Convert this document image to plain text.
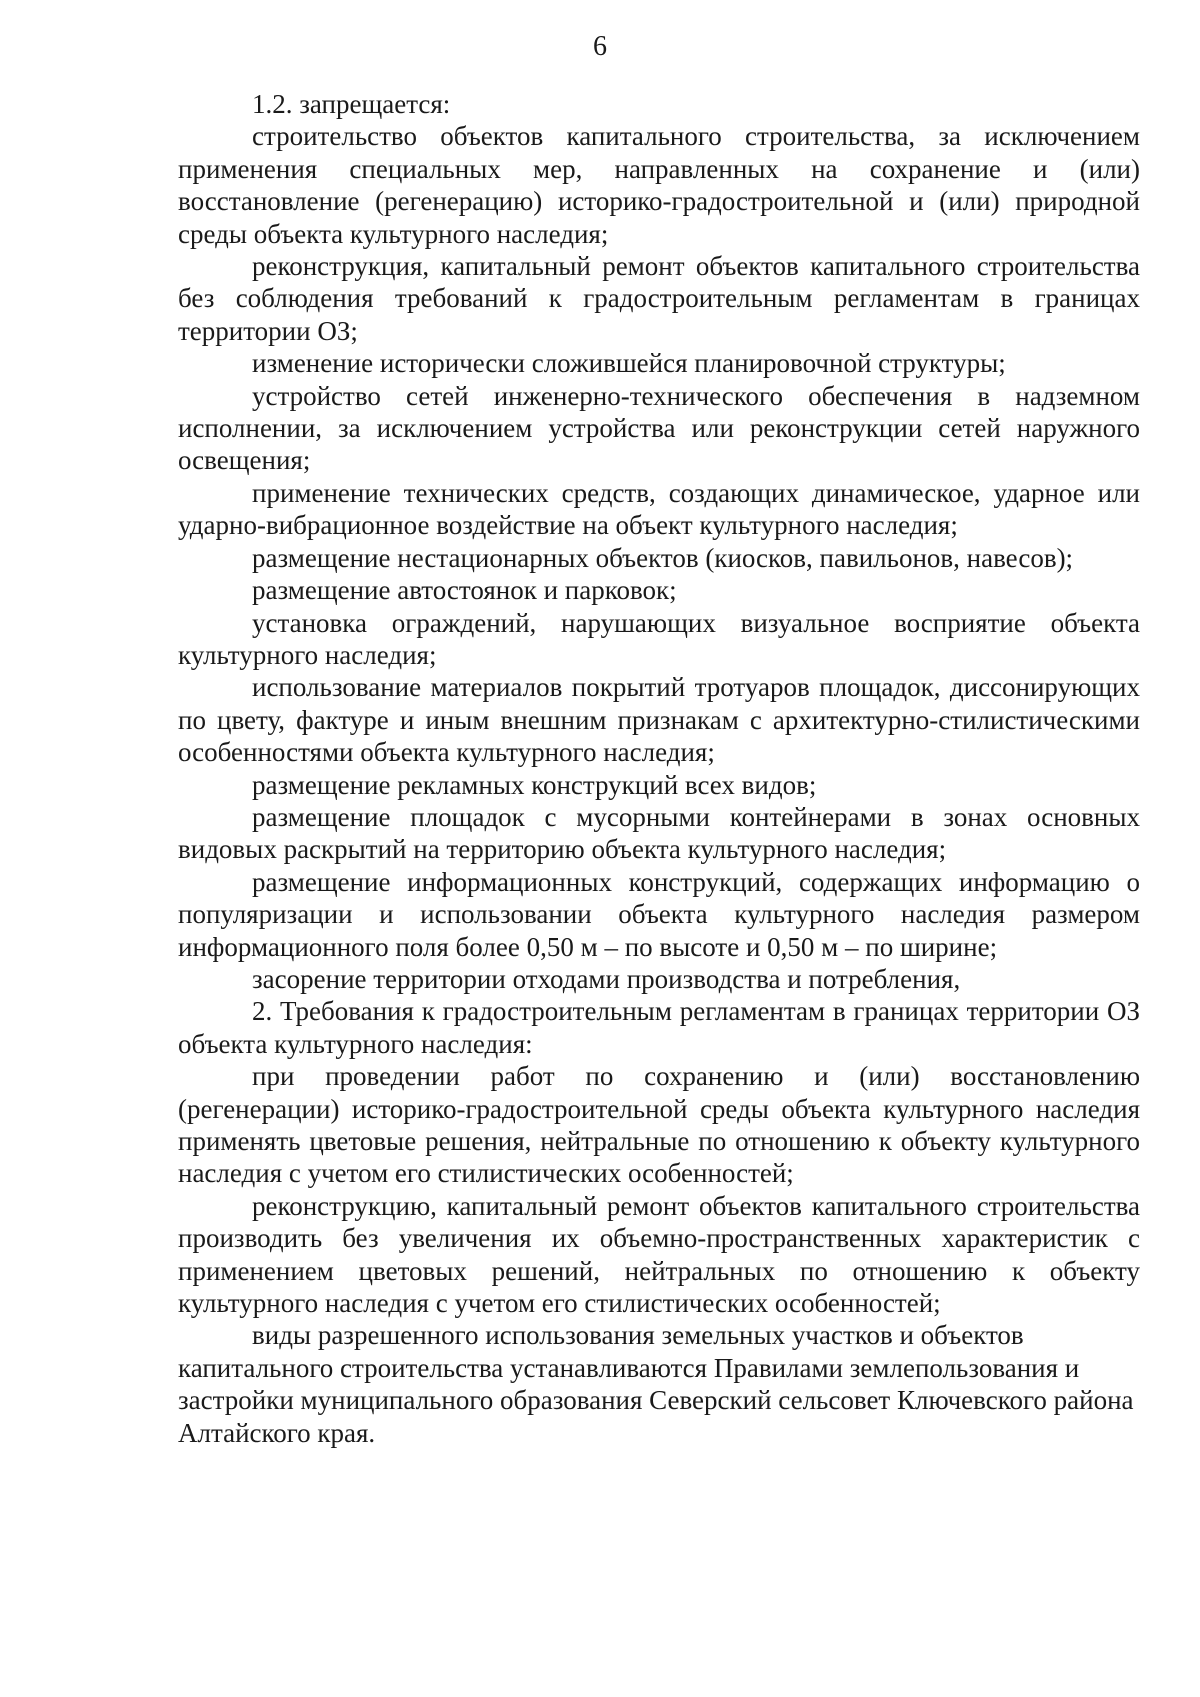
6

1.2. запрещается:

строительство объектов капитального строительства, за исключением применения специальных мер, направленных на сохранение и (или) восстановление (регенерацию) историко-градостроительной и (или) природной среды объекта культурного наследия;

реконструкция, капитальный ремонт объектов капитального строительства без соблюдения требований к градостроительным регламентам в границах территории ОЗ;

изменение исторически сложившейся планировочной структуры;

устройство сетей инженерно-технического обеспечения в надземном исполнении, за исключением устройства или реконструкции сетей наружного освещения;

применение технических средств, создающих динамическое, ударное или ударно-вибрационное воздействие на объект культурного наследия;

размещение нестационарных объектов (киосков, павильонов, навесов);

размещение автостоянок и парковок;

установка ограждений, нарушающих визуальное восприятие объекта культурного наследия;

использование материалов покрытий тротуаров площадок, диссонирующих по цвету, фактуре и иным внешним признакам с архитектурно-стилистическими особенностями объекта культурного наследия;

размещение рекламных конструкций всех видов;

размещение площадок с мусорными контейнерами в зонах основных видовых раскрытий на территорию объекта культурного наследия;

размещение информационных конструкций, содержащих информацию о популяризации и использовании объекта культурного наследия размером информационного поля более 0,50 м – по высоте и 0,50 м – по ширине;

засорение территории отходами производства и потребления,

2. Требования к градостроительным регламентам в границах территории ОЗ объекта культурного наследия:

при проведении работ по сохранению и (или) восстановлению (регенерации) историко-градостроительной среды объекта культурного наследия применять цветовые решения, нейтральные по отношению к объекту культурного наследия с учетом его стилистических особенностей;

реконструкцию, капитальный ремонт объектов капитального строительства производить без увеличения их объемно-пространственных характеристик с применением цветовых решений, нейтральных по отношению к объекту культурного наследия с учетом его стилистических особенностей;

виды разрешенного использования земельных участков и объектов капитального строительства устанавливаются Правилами землепользования и застройки муниципального образования Северский сельсовет Ключевского района Алтайского края.
